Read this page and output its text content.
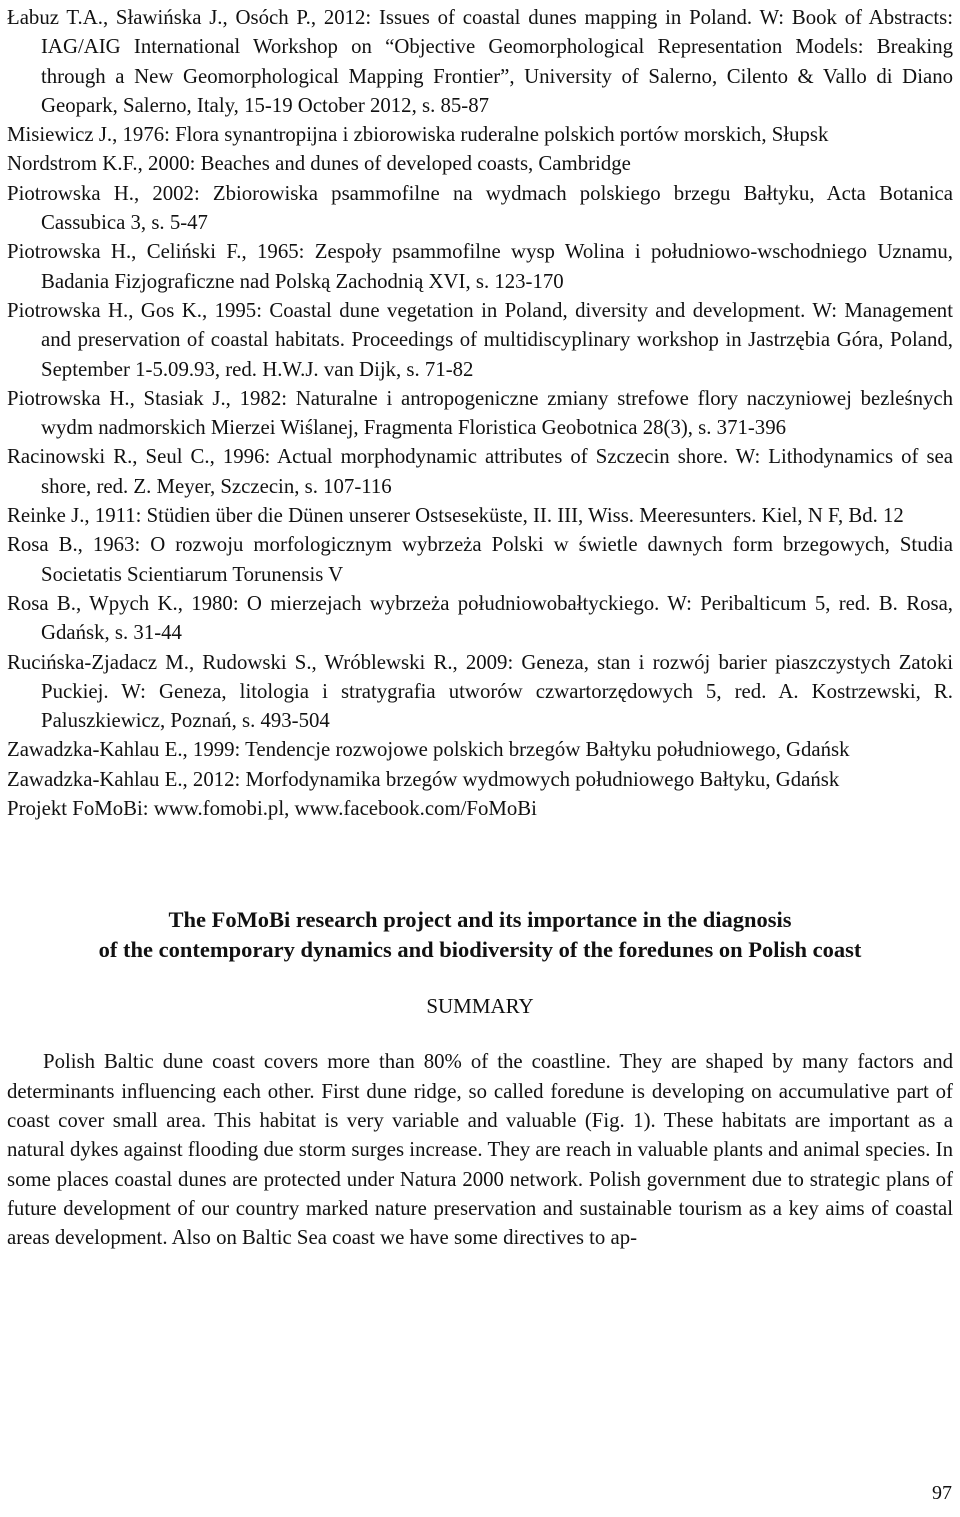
Łabuz T.A., Sławińska J., Osóch P., 2012: Issues of coastal dunes mapping in Poland. W: Book of Abstracts: IAG/AIG International Workshop on “Objective Geomorphological Representation Models: Breaking through a New Geomorphological Mapping Frontier”, University of Salerno, Cilento & Vallo di Diano Geopark, Salerno, Italy, 15-19 October 2012, s. 85-87

Misiewicz J., 1976: Flora synantropijna i zbiorowiska ruderalne polskich portów morskich, Słupsk

Nordstrom K.F., 2000: Beaches and dunes of developed coasts, Cambridge

Piotrowska H., 2002: Zbiorowiska psammofilne na wydmach polskiego brzegu Bałtyku, Acta Botanica Cassubica 3, s. 5-47

Piotrowska H., Celiński F., 1965: Zespoły psammofilne wysp Wolina i południowo-wschodniego Uznamu, Badania Fizjograficzne nad Polską Zachodnią XVI, s. 123-170

Piotrowska H., Gos K., 1995: Coastal dune vegetation in Poland, diversity and development. W: Management and preservation of coastal habitats. Proceedings of multidiscyplinary workshop in Jastrzębia Góra, Poland, September 1-5.09.93, red. H.W.J. van Dijk, s. 71-82

Piotrowska H., Stasiak J., 1982: Naturalne i antropogeniczne zmiany strefowe flory naczyniowej bezleśnych wydm nadmorskich Mierzei Wiślanej, Fragmenta Floristica Geobotnica 28(3), s. 371-396

Racinowski R., Seul C., 1996: Actual morphodynamic attributes of Szczecin shore. W: Lithodynamics of sea shore, red. Z. Meyer, Szczecin, s. 107-116

Reinke J., 1911: Stüdien über die Dünen unserer Ostseseküste, II. III, Wiss. Meeresunters. Kiel, N F, Bd. 12

Rosa B., 1963: O rozwoju morfologicznym wybrzeża Polski w świetle dawnych form brzegowych, Studia Societatis Scientiarum Torunensis V

Rosa B., Wpych K., 1980: O mierzejach wybrzeża południowobałtyckiego. W: Peribalticum 5, red. B. Rosa, Gdańsk, s. 31-44

Rucińska-Zjadacz M., Rudowski S., Wróblewski R., 2009: Geneza, stan i rozwój barier piaszczystych Zatoki Puckiej. W: Geneza, litologia i stratygrafia utworów czwartorzędowych 5, red. A. Kostrzewski, R. Paluszkiewicz, Poznań, s. 493-504

Zawadzka-Kahlau E., 1999: Tendencje rozwojowe polskich brzegów Bałtyku południowego, Gdańsk

Zawadzka-Kahlau E., 2012: Morfodynamika brzegów wydmowych południowego Bałtyku, Gdańsk

Projekt FoMoBi: www.fomobi.pl, www.facebook.com/FoMoBi

The FoMoBi research project and its importance in the diagnosis

of the contemporary dynamics and biodiversity of the foredunes on Polish coast

SUMMARY

Polish Baltic dune coast covers more than 80% of the coastline. They are shaped by many factors and determinants influencing each other. First dune ridge, so called foredune is developing on accumulative part of coast cover small area. This habitat is very variable and valuable (Fig. 1). These habitats are important as a natural dykes against flooding due storm surges increase. They are reach in valuable plants and animal species. In some places coastal dunes are protected under Natura 2000 network. Polish government due to strategic plans of future development of our country marked nature preservation and sustainable tourism as a key aims of coastal areas development. Also on Baltic Sea coast we have some directives to ap-

97
